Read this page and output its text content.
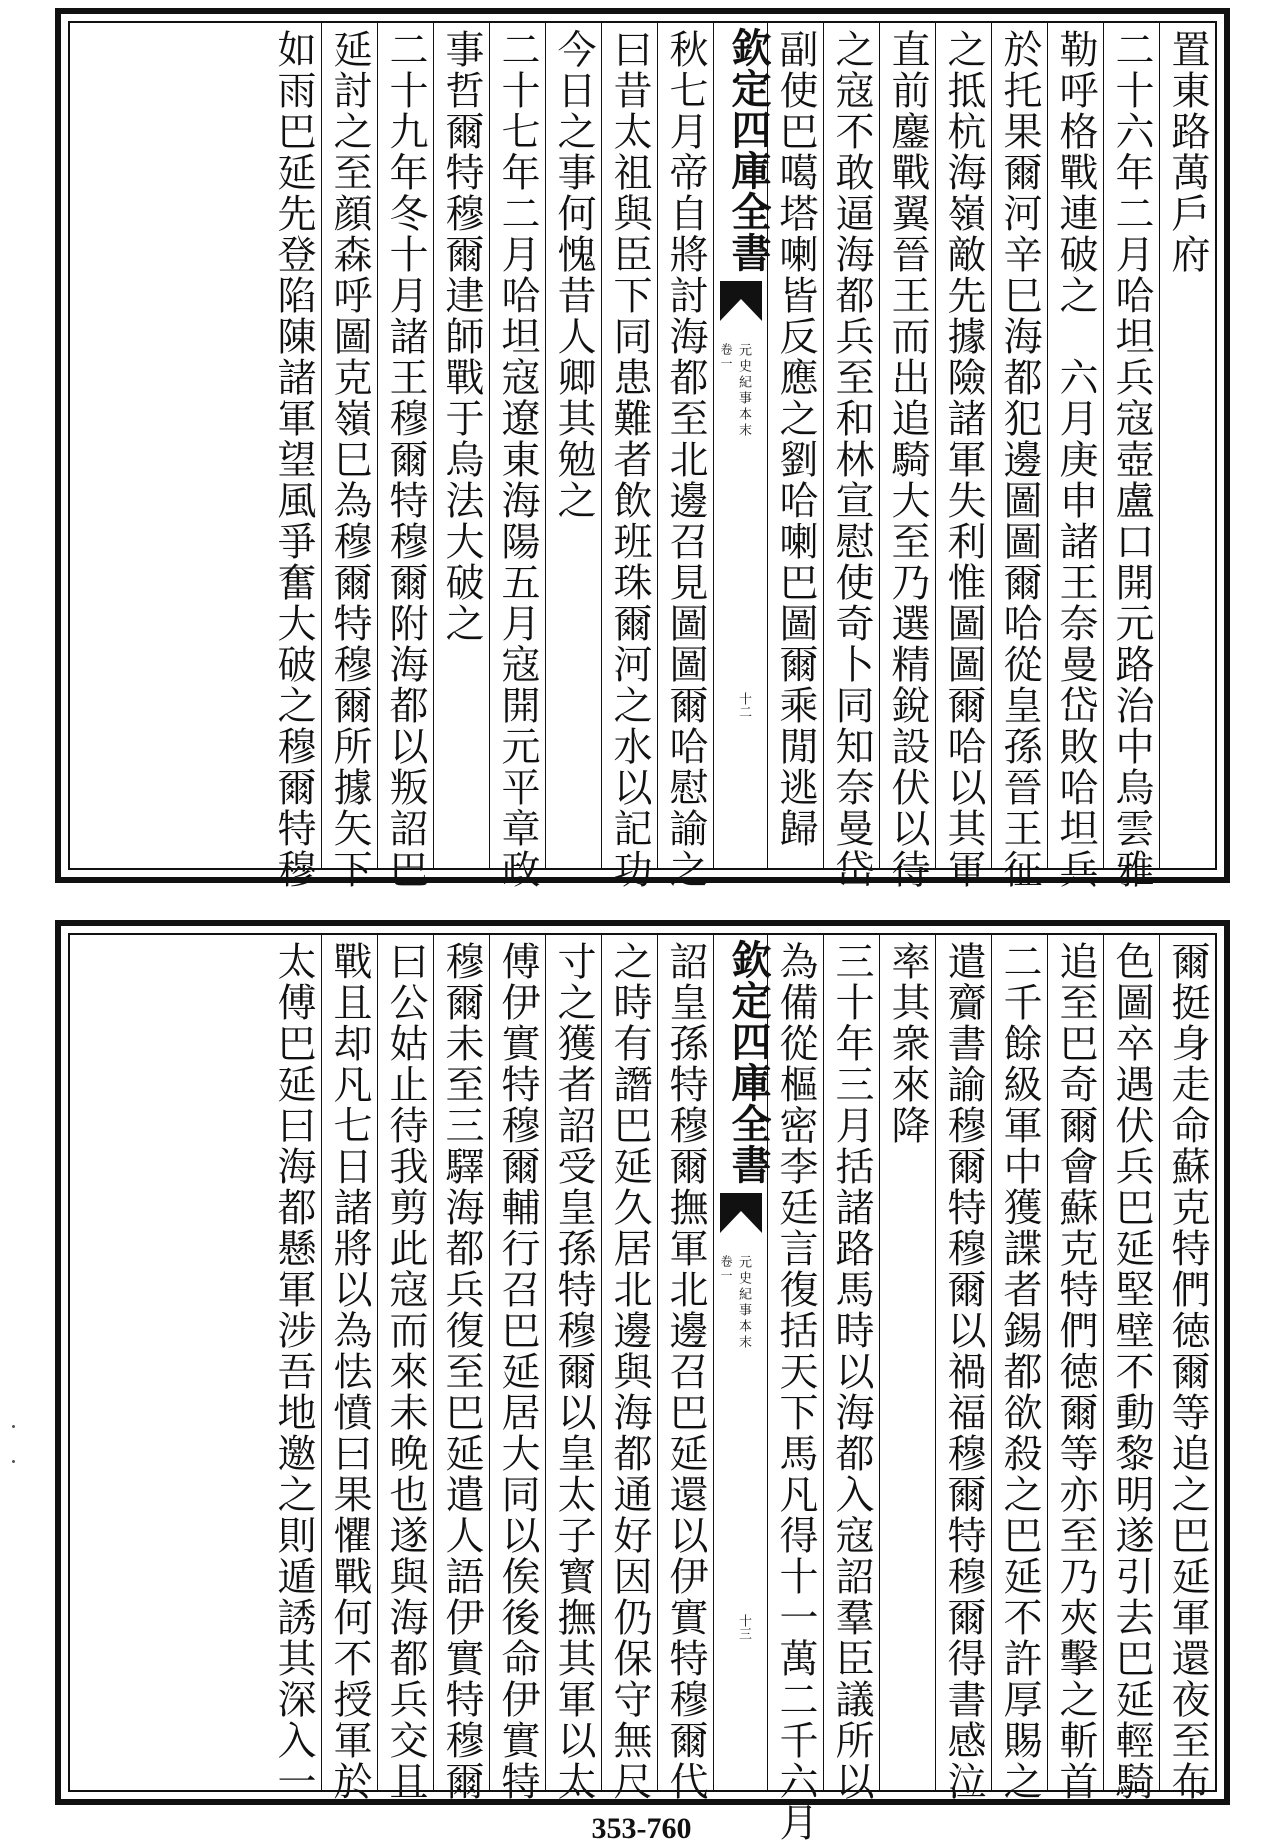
置東路萬戶府
二十六年二月哈坦兵寇壺盧口開元路治中烏雲雅
勒呼格戰連破之　六月庚申諸王奈曼岱敗哈坦兵
於托果爾河辛巳海都犯邊圖圖爾哈從皇孫晉王征
之抵杭海嶺敵先據險諸軍失利惟圖圖爾哈以其軍
直前鏖戰翼晉王而出追騎大至乃選精銳設伏以待
之寇不敢逼海都兵至和林宣慰使奇卜同知奈曼岱
副使巴噶塔喇皆反應之劉哈喇巴圖爾乘閒逃歸
欽定四庫全書
元史紀事本末
卷一
十二
秋七月帝自將討海都至北邊召見圖圖爾哈慰諭之
曰昔太祖與臣下同患難者飲班珠爾河之水以記功
今日之事何愧昔人卿其勉之
二十七年二月哈坦寇遼東海陽五月寇開元平章政
事哲爾特穆爾䢖師戰于烏法大破之
二十九年冬十月諸王穆爾特穆爾附海都以叛詔巴
延討之至顔森呼圖克嶺巳為穆爾特穆爾所據矢下
如雨巴延先登陷陳諸軍望風爭奮大破之穆爾特穆
爾挺身走命蘇克特們徳爾等追之巴延軍還夜至布
色圖卒遇伏兵巴延堅壁不動黎明遂引去巴延輕騎
追至巴奇爾會蘇克特們徳爾等亦至乃夾擊之斬首
二千餘級軍中獲諜者錫都欲殺之巴延不許厚賜之
遣齎書諭穆爾特穆爾以禍福穆爾特穆爾得書感泣
率其衆來降
三十年三月括諸路馬時以海都入寇詔羣臣議所以
為備從樞密李廷言復括天下馬凡得十一萬二千六月
欽定四庫全書
元史紀事本末
卷一
十三
詔皇孫特穆爾撫軍北邊召巴延還以伊實特穆爾代
之時有譖巴延久居北邊與海都通好因仍保守無尺
寸之獲者詔受皇孫特穆爾以皇太子寳撫其軍以太
傅伊實特穆爾輔行召巴延居大同以俟後命伊實特
穆爾未至三驛海都兵復至巴延遣人語伊實特穆爾
曰公姑止待我剪此寇而來未晚也遂與海都兵交且
戰且却凡七日諸將以為怯憤曰果懼戰何不授軍於
太傅巴延曰海都懸軍涉吾地邀之則遁誘其深入一
353-760
